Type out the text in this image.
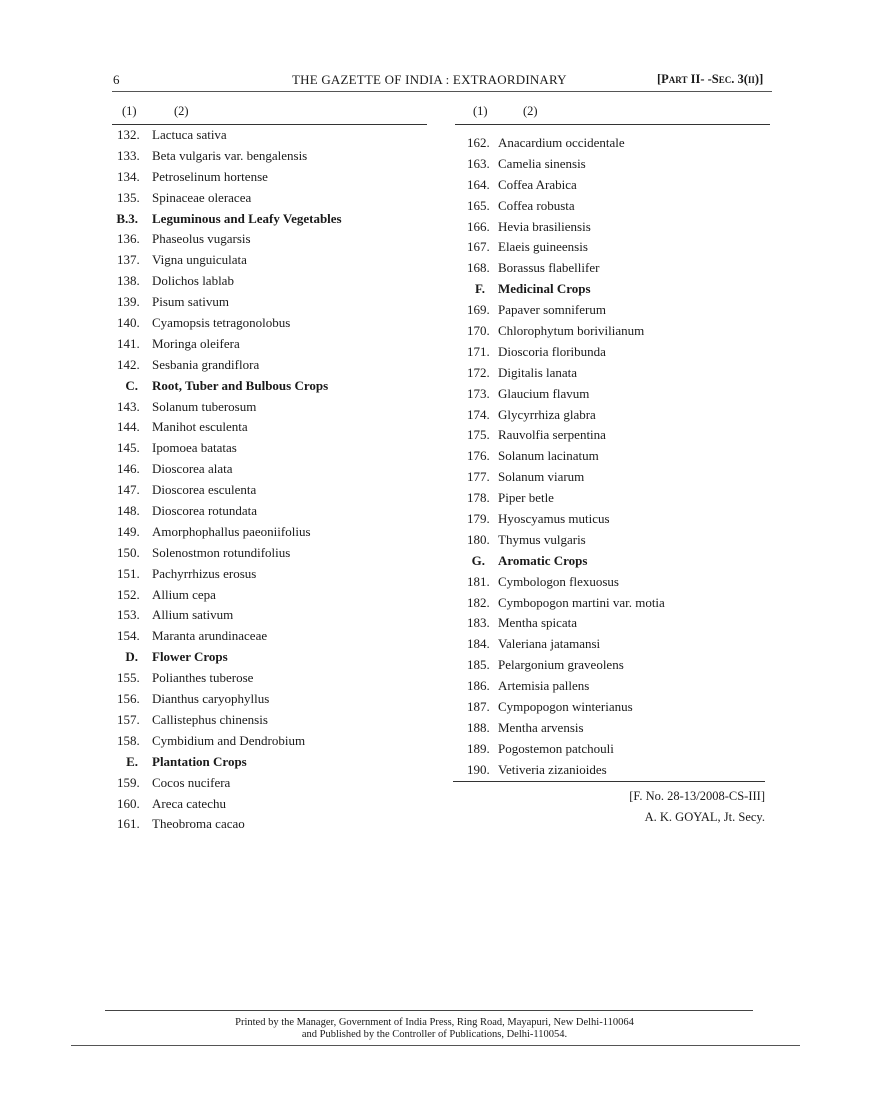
6	THE GAZETTE OF INDIA : EXTRAORDINARY	[Part II- -Sec. 3(ii)]
(1)	(2)
132. Lactuca sativa
133. Beta vulgaris var. bengalensis
134. Petroselinum hortense
135. Spinaceae oleracea
B.3. Leguminous and Leafy Vegetables
136. Phaseolus vugarsis
137. Vigna unguiculata
138. Dolichos lablab
139. Pisum sativum
140. Cyamopsis tetragonolobus
141. Moringa oleifera
142. Sesbania grandiflora
C. Root, Tuber and Bulbous Crops
143. Solanum tuberosum
144. Manihot esculenta
145. Ipomoea batatas
146. Dioscorea alata
147. Dioscorea esculenta
148. Dioscorea rotundata
149. Amorphophallus paeoniifolius
150. Solenostmon rotundifolius
151. Pachyrrhizus erosus
152. Allium cepa
153. Allium sativum
154. Maranta arundinaceae
D. Flower Crops
155. Polianthes tuberose
156. Dianthus caryophyllus
157. Callistephus chinensis
158. Cymbidium and Dendrobium
E. Plantation Crops
159. Cocos nucifera
160. Areca catechu
161. Theobroma cacao
(1)	(2)
162. Anacardium occidentale
163. Camelia sinensis
164. Coffea Arabica
165. Coffea robusta
166. Hevia brasiliensis
167. Elaeis guineensis
168. Borassus flabellifer
F. Medicinal Crops
169. Papaver somniferum
170. Chlorophytum borivilianum
171. Dioscoria floribunda
172. Digitalis lanata
173. Glaucium flavum
174. Glycyrrhiza glabra
175. Rauvolfia serpentina
176. Solanum lacinatum
177. Solanum viarum
178. Piper betle
179. Hyoscyamus muticus
180. Thymus vulgaris
G. Aromatic Crops
181. Cymbologon flexuosus
182. Cymbopogon martini var. motia
183. Mentha spicata
184. Valeriana jatamansi
185. Pelargonium graveolens
186. Artemisia pallens
187. Cympopogon winterianus
188. Mentha arvensis
189. Pogostemon patchouli
190. Vetiveria zizanioides
[F. No. 28-13/2008-CS-III]
A. K. GOYAL, Jt. Secy.
Printed by the Manager, Government of India Press, Ring Road, Mayapuri, New Delhi-110064
and Published by the Controller of Publications, Delhi-110054.
